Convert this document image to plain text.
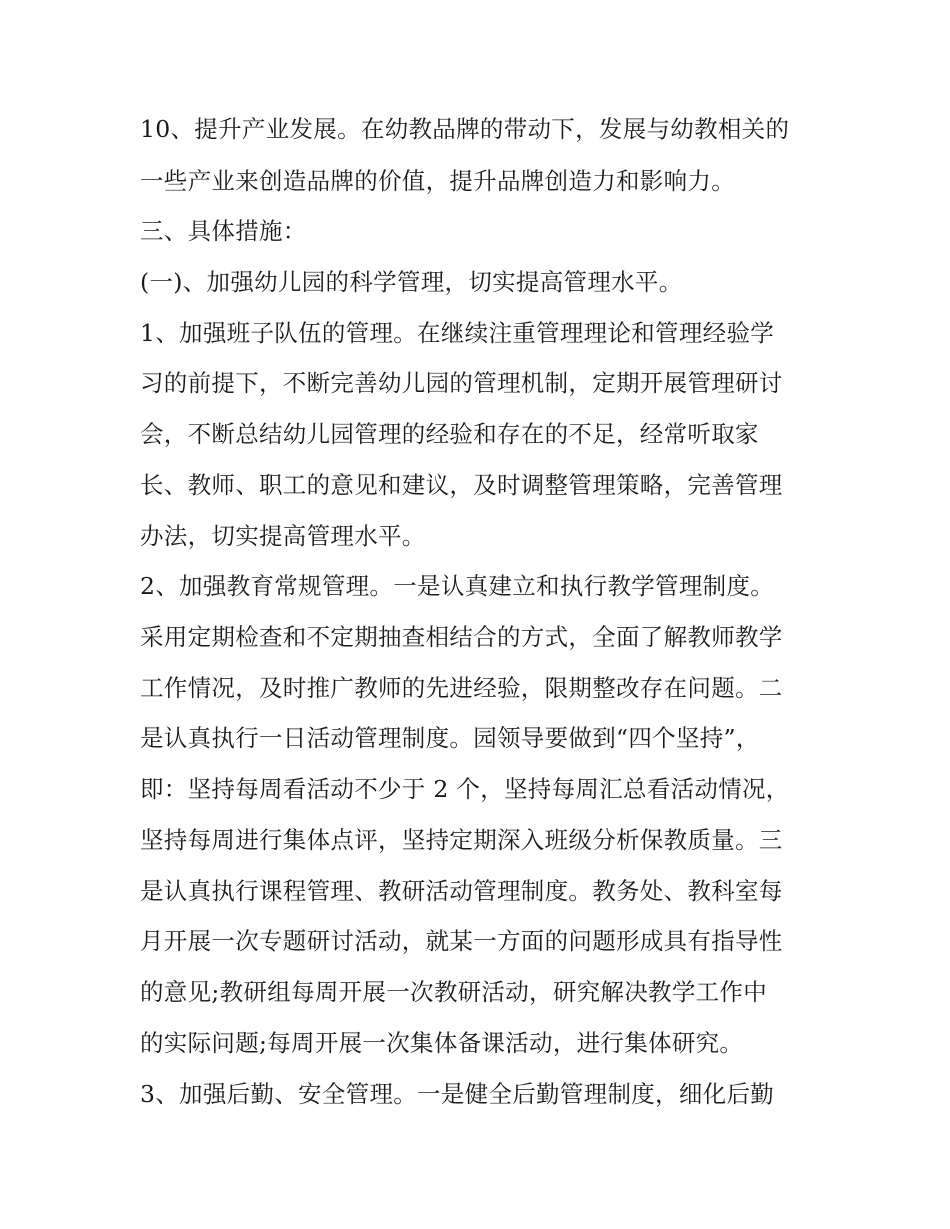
10、提升产业发展。在幼教品牌的带动下，发展与幼教相关的
一些产业来创造品牌的价值，提升品牌创造力和影响力。
三、具体措施：
(一)、加强幼儿园的科学管理，切实提高管理水平。
1、加强班子队伍的管理。在继续注重管理理论和管理经验学
习的前提下，不断完善幼儿园的管理机制，定期开展管理研讨
会，不断总结幼儿园管理的经验和存在的不足，经常听取家
长、教师、职工的意见和建议，及时调整管理策略，完善管理
办法，切实提高管理水平。
2、加强教育常规管理。一是认真建立和执行教学管理制度。
采用定期检查和不定期抽查相结合的方式，全面了解教师教学
工作情况，及时推广教师的先进经验，限期整改存在问题。二
是认真执行一日活动管理制度。园领导要做到“四个坚持”，
即：坚持每周看活动不少于 2 个，坚持每周汇总看活动情况，
坚持每周进行集体点评，坚持定期深入班级分析保教质量。三
是认真执行课程管理、教研活动管理制度。教务处、教科室每
月开展一次专题研讨活动，就某一方面的问题形成具有指导性
的意见;教研组每周开展一次教研活动，研究解决教学工作中
的实际问题;每周开展一次集体备课活动，进行集体研究。
3、加强后勤、安全管理。一是健全后勤管理制度，细化后勤
